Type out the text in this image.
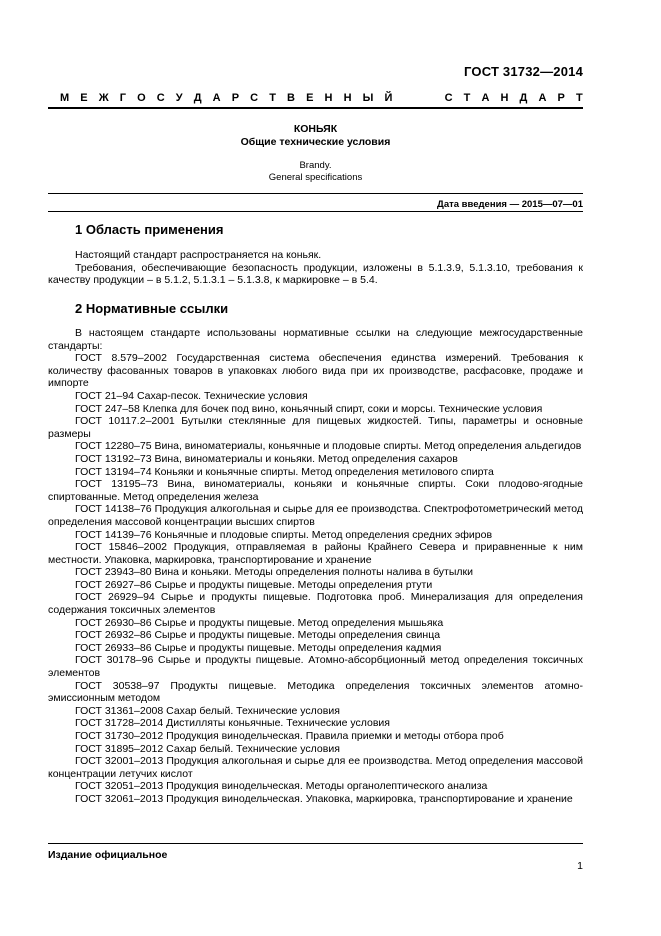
ГОСТ 31732—2014
М Е Ж Г О С У Д А Р С Т В Е Н Н Ы Й	С Т А Н Д А Р Т
КОНЬЯК
Общие технические условия
Brandy.
General specifications
Дата введения — 2015—07—01
1 Область применения

Настоящий стандарт распространяется на коньяк.

Требования, обеспечивающие безопасность продукции, изложены в 5.1.3.9, 5.1.3.10, требования к качеству продукции – в 5.1.2, 5.1.3.1 – 5.1.3.8, к маркировке – в 5.4.

2 Нормативные ссылки

В настоящем стандарте использованы нормативные ссылки на следующие межгосударственные стандарты:

ГОСТ 8.579–2002 Государственная система обеспечения единства измерений. Требования к количеству фасованных товаров в упаковках любого вида при их производстве, расфасовке, продаже и импорте

ГОСТ 21–94 Сахар-песок. Технические условия

ГОСТ 247–58 Клепка для бочек под вино, коньячный спирт, соки и морсы. Технические условия

ГОСТ 10117.2–2001 Бутылки стеклянные для пищевых жидкостей. Типы, параметры и основные размеры

ГОСТ 12280–75 Вина, виноматериалы, коньячные и плодовые спирты. Метод определения альдегидов

ГОСТ 13192–73 Вина, виноматериалы и коньяки. Метод определения сахаров

ГОСТ 13194–74 Коньяки и коньячные спирты. Метод определения метилового спирта

ГОСТ 13195–73 Вина, виноматериалы, коньяки и коньячные спирты. Соки плодово-ягодные спиртованные. Метод определения железа

ГОСТ 14138–76 Продукция алкогольная и сырье для ее производства. Спектрофотометрический метод определения массовой концентрации высших спиртов

ГОСТ 14139–76 Коньячные и плодовые спирты. Метод определения средних эфиров

ГОСТ 15846–2002 Продукция, отправляемая в районы Крайнего Севера и приравненные к ним местности. Упаковка, маркировка, транспортирование и хранение

ГОСТ 23943–80 Вина и коньяки. Методы определения полноты налива в бутылки

ГОСТ 26927–86 Сырье и продукты пищевые. Методы определения ртути

ГОСТ 26929–94 Сырье и продукты пищевые. Подготовка проб. Минерализация для определения содержания токсичных элементов

ГОСТ 26930–86 Сырье и продукты пищевые. Метод определения мышьяка

ГОСТ 26932–86 Сырье и продукты пищевые. Методы определения свинца

ГОСТ 26933–86 Сырье и продукты пищевые. Методы определения кадмия

ГОСТ 30178–96 Сырье и продукты пищевые. Атомно-абсорбционный метод определения токсичных элементов

ГОСТ 30538–97 Продукты пищевые. Методика определения токсичных элементов атомно-эмиссионным методом

ГОСТ 31361–2008 Сахар белый. Технические условия

ГОСТ 31728–2014 Дистилляты коньячные. Технические условия

ГОСТ 31730–2012 Продукция винодельческая. Правила приемки и методы отбора проб

ГОСТ 31895–2012 Сахар белый. Технические условия

ГОСТ 32001–2013 Продукция алкогольная и сырье для ее производства. Метод определения массовой концентрации летучих кислот

ГОСТ 32051–2013 Продукция винодельческая. Методы органолептического анализа

ГОСТ 32061–2013 Продукция винодельческая. Упаковка, маркировка, транспортирование и хранение

Издание официальное
1
